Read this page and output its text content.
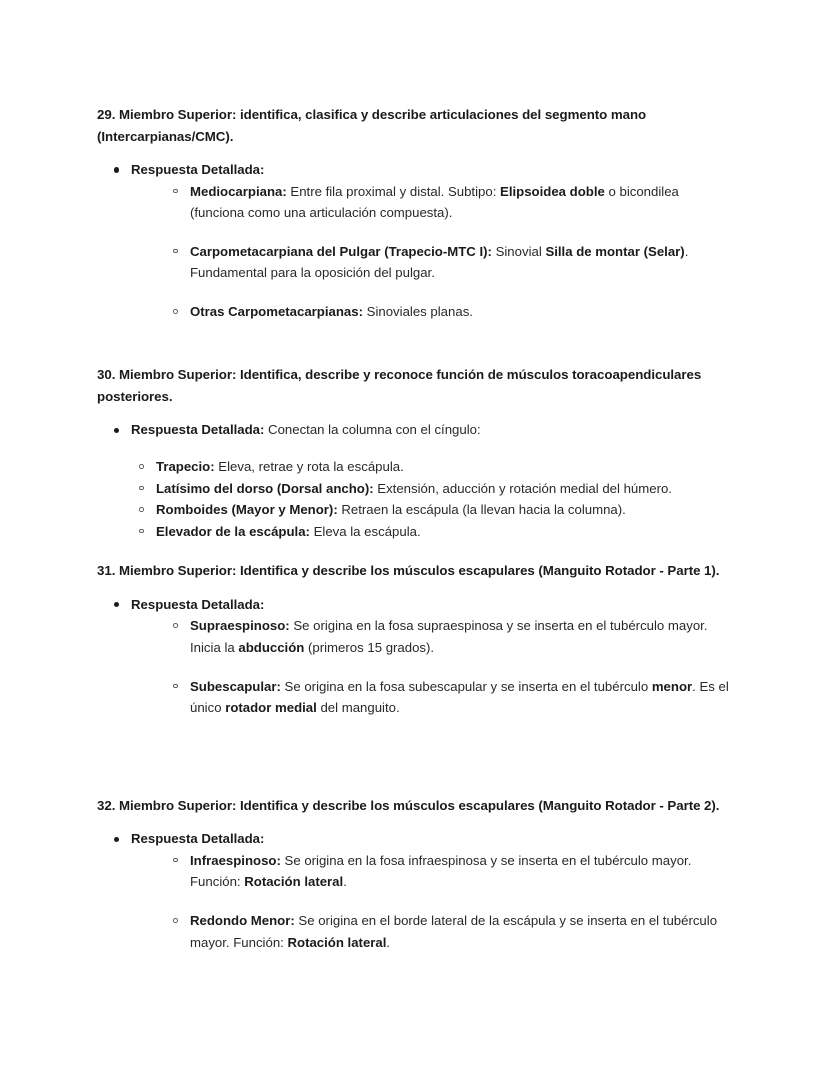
29. Miembro Superior: identifica, clasifica y describe articulaciones del segmento mano (Intercarpianas/CMC).

Respuesta Detallada:
Mediocarpiana: Entre fila proximal y distal. Subtipo: Elipsoidea doble o bicondilea (funciona como una articulación compuesta).
Carpometacarpiana del Pulgar (Trapecio-MTC I): Sinovial Silla de montar (Selar). Fundamental para la oposición del pulgar.
Otras Carpometacarpianas: Sinoviales planas.

30. Miembro Superior: Identifica, describe y reconoce función de músculos toracoapendiculares posteriores.

Respuesta Detallada: Conectan la columna con el cíngulo:
Trapecio: Eleva, retrae y rota la escápula.
Latísimo del dorso (Dorsal ancho): Extensión, aducción y rotación medial del húmero.
Romboides (Mayor y Menor): Retraen la escápula (la llevan hacia la columna).
Elevador de la escápula: Eleva la escápula.

31. Miembro Superior: Identifica y describe los músculos escapulares (Manguito Rotador - Parte 1).

Respuesta Detallada:
Supraespinoso: Se origina en la fosa supraespinosa y se inserta en el tubérculo mayor. Inicia la abducción (primeros 15 grados).
Subescapular: Se origina en la fosa subescapular y se inserta en el tubérculo menor. Es el único rotador medial del manguito.

32. Miembro Superior: Identifica y describe los músculos escapulares (Manguito Rotador - Parte 2).

Respuesta Detallada:
Infraespinoso: Se origina en la fosa infraespinosa y se inserta en el tubérculo mayor. Función: Rotación lateral.
Redondo Menor: Se origina en el borde lateral de la escápula y se inserta en el tubérculo mayor. Función: Rotación lateral.
